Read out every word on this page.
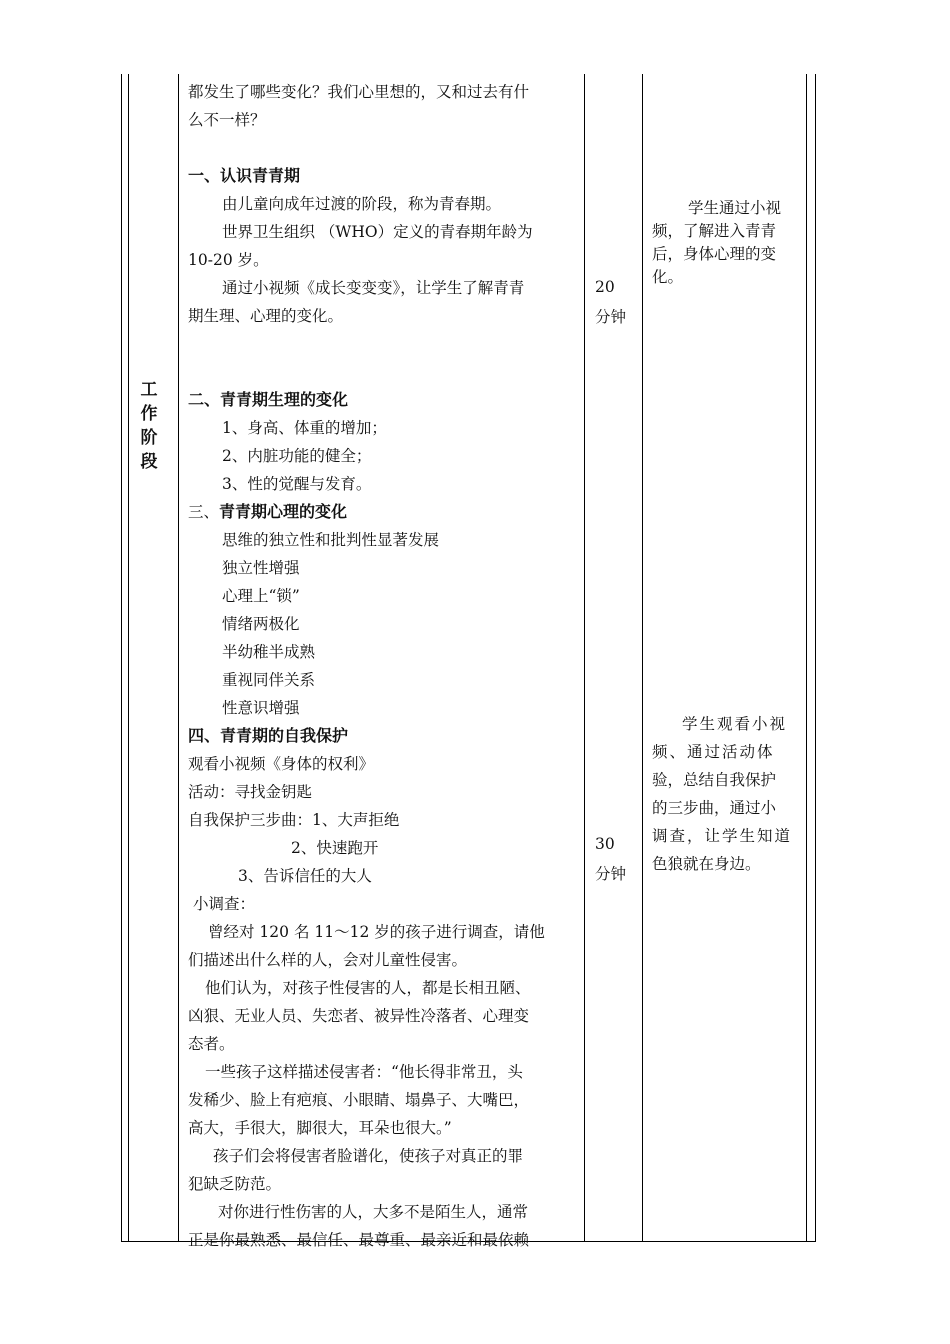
工
作
阶
段

都发生了哪些变化？我们心里想的，又和过去有什

么不一样？

一、认识青青期

由儿童向成年过渡的阶段，称为青春期。

世界卫生组织 （WHO）定义的青春期年龄为

10-20 岁。

通过小视频《成长变变变》，让学生了解青青

期生理、心理的变化。

二、青青期生理的变化

1、身高、体重的增加；

2、内脏功能的健全；

3、性的觉醒与发育。

三、青青期心理的变化

思维的独立性和批判性显著发展

独立性增强

心理上“锁”

情绪两极化

半幼稚半成熟

重视同伴关系

性意识增强

四、青青期的自我保护

观看小视频《身体的权利》

活动：寻找金钥匙

自我保护三步曲：1、大声拒绝

2、快速跑开

3、告诉信任的大人

小调查：

曾经对 120 名 11～12 岁的孩子进行调查，请他

们描述出什么样的人，会对儿童性侵害。

他们认为，对孩子性侵害的人，都是长相丑陋、

凶狠、无业人员、失恋者、被异性冷落者、心理变

态者。

一些孩子这样描述侵害者：“他长得非常丑，头

发稀少、脸上有疤痕、小眼睛、塌鼻子、大嘴巴，

高大，手很大，脚很大，耳朵也很大。”

孩子们会将侵害者脸谱化，使孩子对真正的罪

犯缺乏防范。

对你进行性伤害的人，大多不是陌生人，通常

正是你最熟悉、最信任、最尊重、最亲近和最依赖

20
分钟
30
分钟

学生通过小视

频，了解进入青青

后，身体心理的变

化。

学生观看小视

频、通过活动体

验，总结自我保护

的三步曲，通过小

调查，让学生知道

色狼就在身边。
